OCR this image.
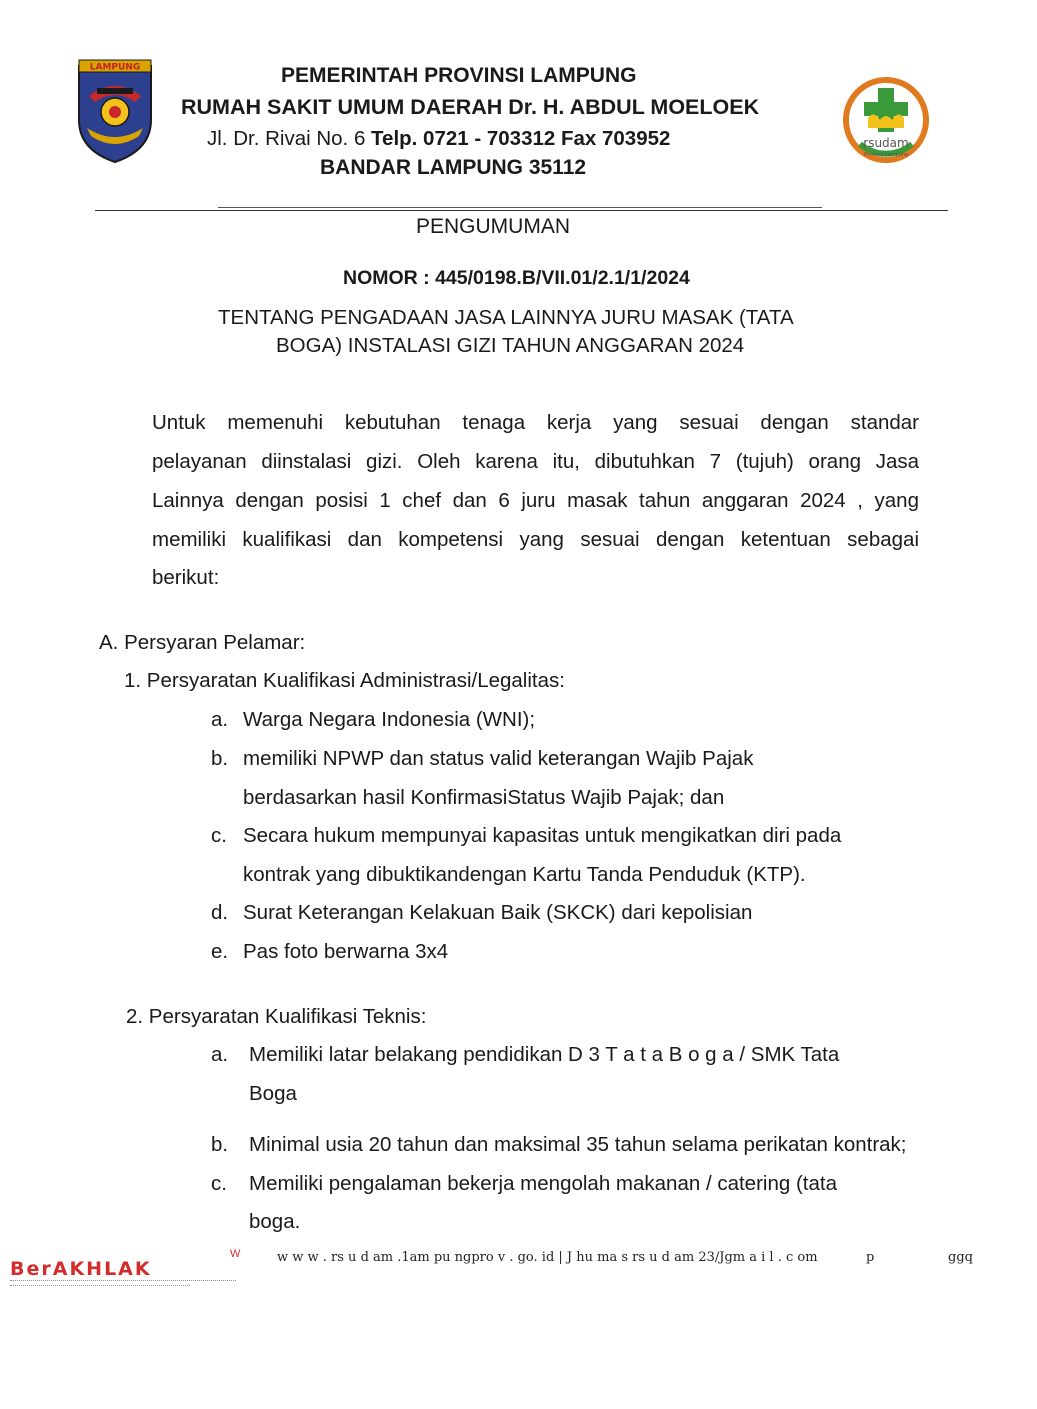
LAMPUNG	PEMERINTAH PROVINSI LAMPUNG
RUMAH SAKIT UMUM DAERAH Dr. H. ABDUL MOELOEK
Jl. Dr. Rivai No. 6 Telp. 0721 - 703312 Fax 703952
BANDAR LAMPUNG 35112
rsudam
Provinsi Lampung
PENGUMUMAN
NOMOR : 445/0198.B/VII.01/2.1/1/2024
TENTANG PENGADAAN JASA LAINNYA JURU MASAK (TATA
BOGA) INSTALASI GIZI TAHUN ANGGARAN 2024
Untuk memenuhi kebutuhan tenaga kerja yang sesuai dengan standar
pelayanan diinstalasi gizi. Oleh karena itu, dibutuhkan 7 (tujuh) orang Jasa
Lainnya dengan posisi 1 chef dan 6 juru masak tahun anggaran 2024 , yang
memiliki kualifikasi dan kompetensi yang sesuai dengan ketentuan sebagai
berikut:
A. Persyaran Pelamar:
1. Persyaratan Kualifikasi Administrasi/Legalitas:
a. Warga Negara Indonesia (WNI);
b. memiliki NPWP dan status valid keterangan Wajib Pajak
berdasarkan hasil KonfirmasiStatus Wajib Pajak; dan
c. Secara hukum mempunyai kapasitas untuk mengikatkan diri pada
kontrak yang dibuktikandengan Kartu Tanda Penduduk (KTP).
d. Surat Keterangan Kelakuan Baik (SKCK) dari kepolisian
e. Pas foto berwarna 3x4
2. Persyaratan Kualifikasi Teknis:
a. Memiliki latar belakang pendidikan D 3 T a t a B o g a / SMK Tata
Boga
b. Minimal usia 20 tahun dan maksimal 35 tahun selama perikatan kontrak;
c. Memiliki pengalaman bekerja mengolah makanan / catering (tata
boga.
BerAKHLAK
W	w w w . rs u d am .1am pu ngpro v . go. id | J hu ma s rs u d am 23/Jgm a i l . c om	p	ggq
